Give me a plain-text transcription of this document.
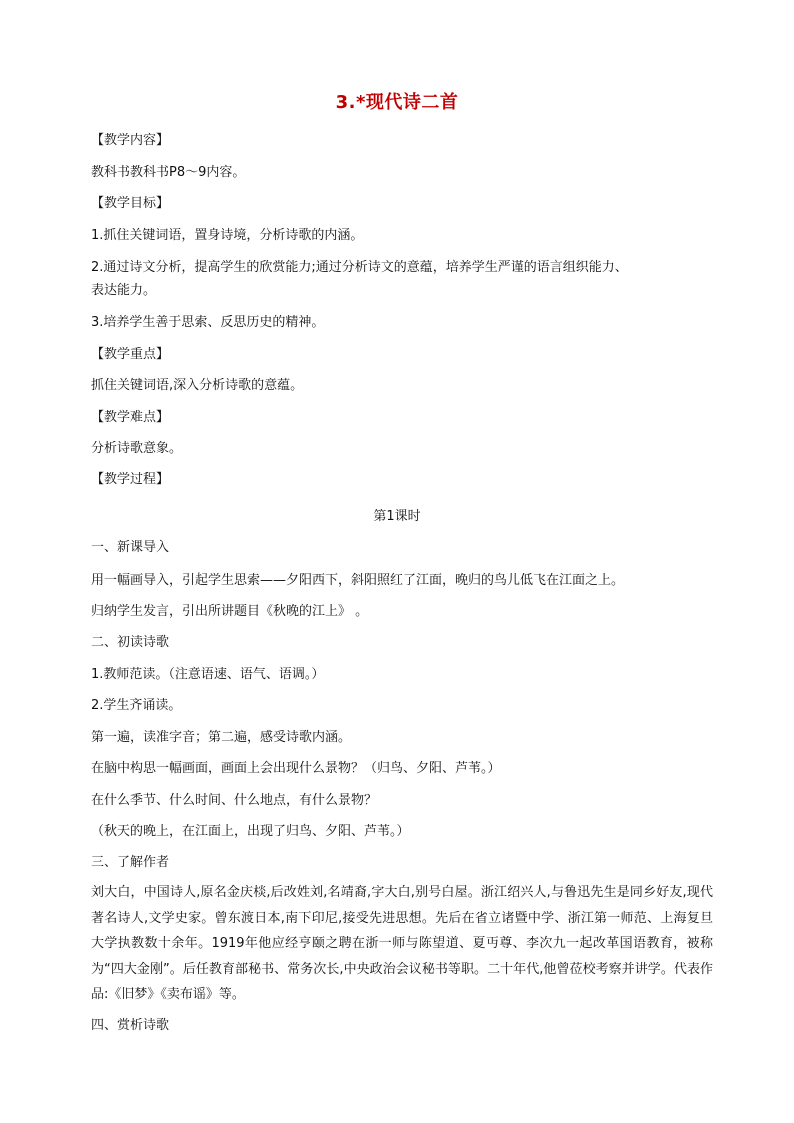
3.*现代诗二首
【教学内容】
教科书教科书P8～9内容。
【教学目标】
1.抓住关键词语，置身诗境，分析诗歌的内涵。
2.通过诗文分析，提高学生的欣赏能力;通过分析诗文的意蕴，培养学生严谨的语言组织能力、
表达能力。
3.培养学生善于思索、反思历史的精神。
【教学重点】
抓住关键词语,深入分析诗歌的意蕴。
【教学难点】
分析诗歌意象。
【教学过程】
第1课时
一、新课导入
用一幅画导入，引起学生思索——夕阳西下，斜阳照红了江面，晚归的鸟儿低飞在江面之上。
归纳学生发言，引出所讲题目《秋晚的江上》 。
二、初读诗歌
1.教师范读。（注意语速、语气、语调。）
2.学生齐诵读。
第一遍，读准字音；第二遍，感受诗歌内涵。
在脑中构思一幅画面，画面上会出现什么景物？（归鸟、夕阳、芦苇。）
在什么季节、什么时间、什么地点，有什么景物？
（秋天的晚上，在江面上，出现了归鸟、夕阳、芦苇。）
三、了解作者
刘大白，中国诗人,原名金庆棪,后改姓刘,名靖裔,字大白,别号白屋。浙江绍兴人,与鲁迅先生是同乡好友,现代著名诗人,文学史家。曾东渡日本,南下印尼,接受先进思想。先后在省立诸暨中学、浙江第一师范、上海复旦大学执教数十余年。1919年他应经亨颐之聘在浙一师与陈望道、夏丏尊、李次九一起改革国语教育，被称为“四大金刚”。后任教育部秘书、常务次长,中央政治会议秘书等职。二十年代,他曾莅校考察并讲学。代表作品:《旧梦》《卖布谣》等。
四、赏析诗歌
